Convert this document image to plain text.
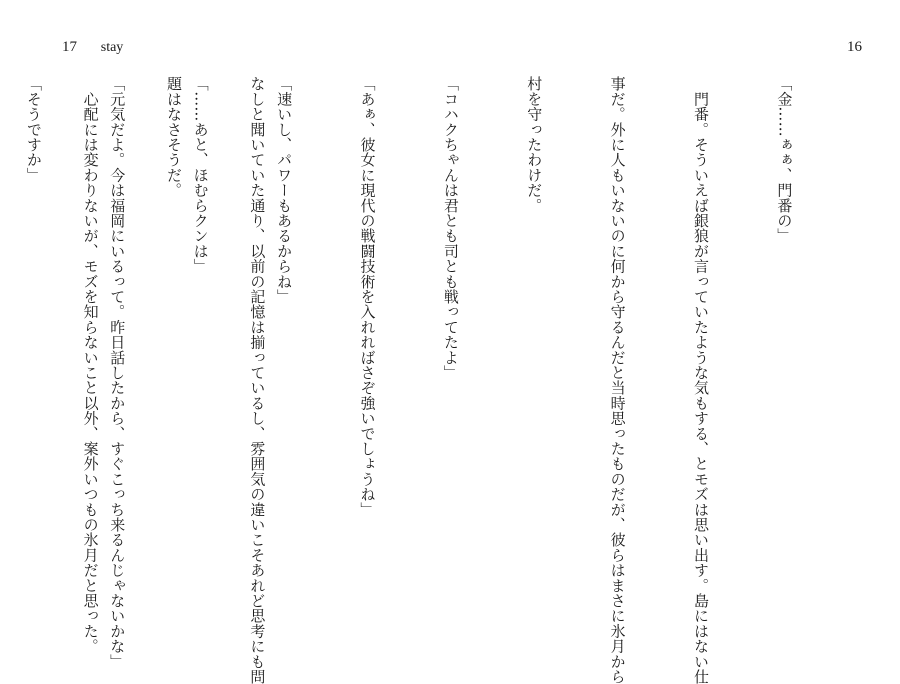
17 stay	16

「金……ぁぁ、門番の」

　門番。そういえば銀狼が言っていたような気もする、とモズは思い出す。島にはない仕

事だ。外に人もいないのに何から守るんだと当時思ったものだが、彼らはまさに氷月から

村を守ったわけだ。

「コハクちゃんは君とも司とも戦ってたよ」

「あぁ、彼女に現代の戦闘技術を入れればさぞ強いでしょうね」

「速いし、パワーもあるからね」

「……あと、ほむらクンは」

「元気だよ。今は福岡にいるって。昨日話したから、すぐこっち来るんじゃないかな」

「そうですか」

	なしと聞いていた通り、以前の記憶は揃っているし、雰囲気の違いこそあれど思考にも問

題はなさそうだ。

　心配には変わりないが、モズを知らないこと以外、案外いつもの氷月だと思った。
